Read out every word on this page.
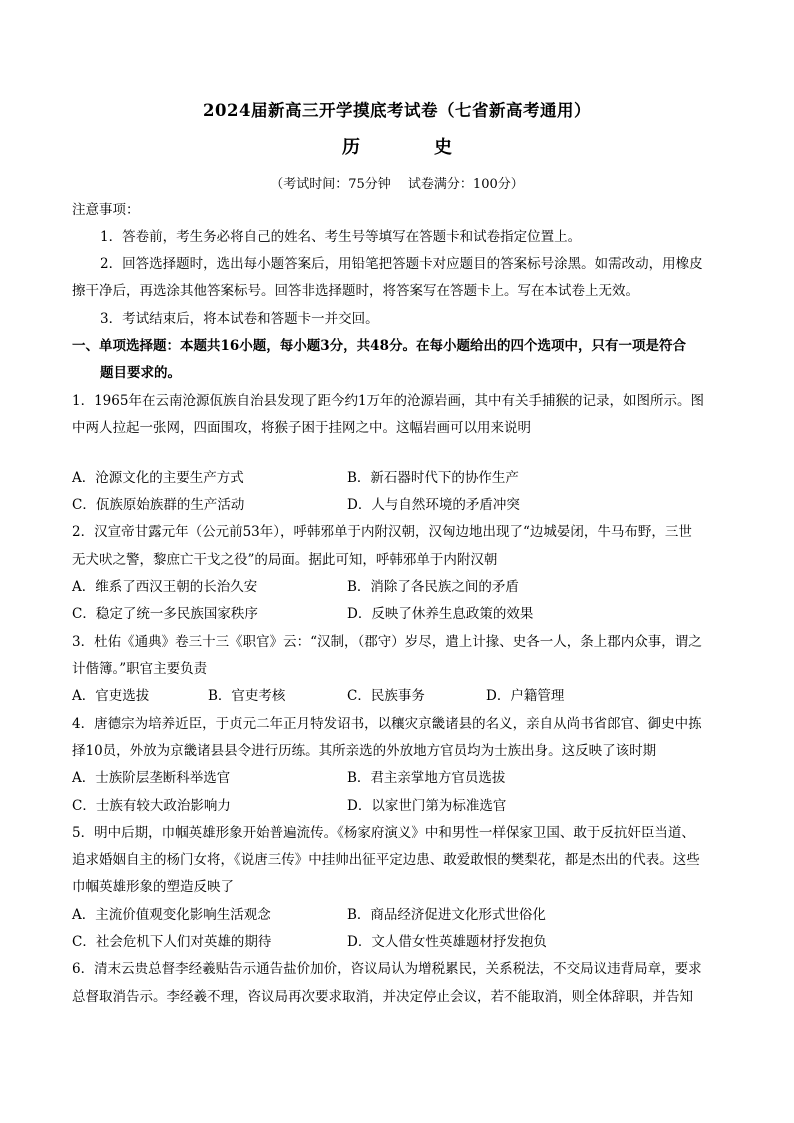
2024届新高三开学摸底考试卷（七省新高考通用）
历　史
（考试时间：75分钟　 试卷满分：100分）
注意事项：
1．答卷前，考生务必将自己的姓名、考生号等填写在答题卡和试卷指定位置上。
2．回答选择题时，选出每小题答案后，用铅笔把答题卡对应题目的答案标号涂黑。如需改动，用橡皮
擦干净后，再选涂其他答案标号。回答非选择题时，将答案写在答题卡上。写在本试卷上无效。
3．考试结束后，将本试卷和答题卡一并交回。
一、单项选择题：本题共16小题，每小题3分，共48分。在每小题给出的四个选项中，只有一项是符合
题目要求的。
1．1965年在云南沧源佤族自治县发现了距今约1万年的沧源岩画，其中有关手捕猴的记录，如图所示。图
中两人拉起一张网，四面围攻，将猴子困于挂网之中。这幅岩画可以用来说明
A．沧源文化的主要生产方式	B．新石器时代下的协作生产
C．佤族原始族群的生产活动	D．人与自然环境的矛盾冲突
2．汉宣帝甘露元年（公元前53年），呼韩邪单于内附汉朝，汉匈边地出现了“边城晏闭，牛马布野，三世
无犬吠之警，黎庶亡干戈之役”的局面。据此可知，呼韩邪单于内附汉朝
A．维系了西汉王朝的长治久安	B．消除了各民族之间的矛盾
C．稳定了统一多民族国家秩序	D．反映了休养生息政策的效果
3．杜佑《通典》卷三十三《职官》云：“汉制，（郡守）岁尽，遣上计掾、史各一人，条上郡内众事，谓之
计偕簿。”职官主要负责
A．官吏选拔	B．官吏考核	C．民族事务	D．户籍管理
4．唐德宗为培养近臣，于贞元二年正月特发诏书，以穰灾京畿诸县的名义，亲自从尚书省郎官、御史中拣
择10员，外放为京畿诸县县令进行历练。其所亲选的外放地方官员均为士族出身。这反映了该时期
A．士族阶层垄断科举选官	B．君主亲掌地方官员选拔
C．士族有较大政治影响力	D．以家世门第为标准选官
5．明中后期，巾帼英雄形象开始普遍流传。《杨家府演义》中和男性一样保家卫国、敢于反抗奸臣当道、
追求婚姻自主的杨门女将，《说唐三传》中挂帅出征平定边患、敢爱敢恨的樊梨花，都是杰出的代表。这些
巾帼英雄形象的塑造反映了
A．主流价值观变化影响生活观念	B．商品经济促进文化形式世俗化
C．社会危机下人们对英雄的期待	D．文人借女性英雄题材抒发抱负
6．清末云贵总督李经羲贴告示通告盐价加价，咨议局认为增税累民，关系税法，不交局议违背局章，要求
总督取消告示。李经羲不理，咨议局再次要求取消，并决定停止会议，若不能取消，则全体辞职，并告知
